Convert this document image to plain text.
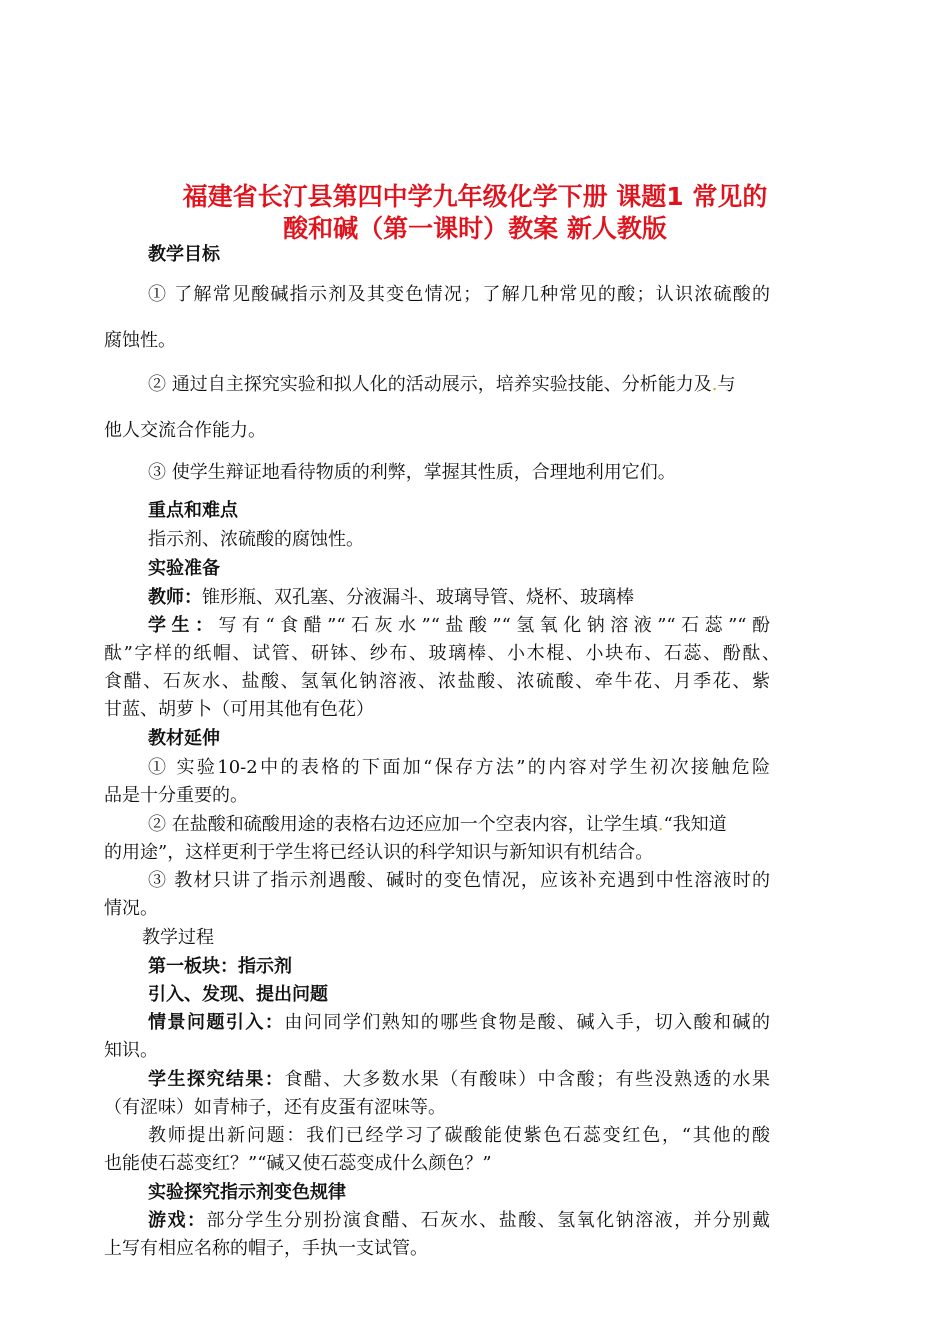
福建省长汀县第四中学九年级化学下册 课题1 常见的
酸和碱（第一课时）教案 新人教版
教学目标
① 了解常见酸碱指示剂及其变色情况；了解几种常见的酸；认识浓硫酸的
腐蚀性。
② 通过自主探究实验和拟人化的活动展示，培养实验技能、分析能力及.与
他人交流合作能力。
③ 使学生辩证地看待物质的利弊，掌握其性质，合理地利用它们。
重点和难点
指示剂、浓硫酸的腐蚀性。
实验准备
教师：锥形瓶、双孔塞、分液漏斗、玻璃导管、烧杯、玻璃棒
学生：写有“食醋”“石灰水”“盐酸”“氢氧化钠溶液”“石蕊”“酚
酞”字样的纸帽、试管、研钵、纱布、玻璃棒、小木棍、小块布、石蕊、酚酞、
食醋、石灰水、盐酸、氢氧化钠溶液、浓盐酸、浓硫酸、牵牛花、月季花、紫
甘蓝、胡萝卜（可用其他有色花）
教材延伸
① 实验10-2中的表格的下面加“保存方法”的内容对学生初次接触危险
品是十分重要的。
② 在盐酸和硫酸用途的表格右边还应加一个空表内容，让学生填.“我知道
的用途”，这样更利于学生将已经认识的科学知识与新知识有机结合。
③ 教材只讲了指示剂遇酸、碱时的变色情况，应该补充遇到中性溶液时的
情况。
教学过程
第一板块：指示剂
引入、发现、提出问题
情景问题引入：由问同学们熟知的哪些食物是酸、碱入手，切入酸和碱的
知识。
学生探究结果：食醋、大多数水果（有酸味）中含酸；有些没熟透的水果
（有涩味）如青柿子，还有皮蛋有涩味等。
教师提出新问题：我们已经学习了碳酸能使紫色石蕊变红色，“其他的酸
也能使石蕊变红？”“碱又使石蕊变成什么颜色？”
实验探究指示剂变色规律
游戏：部分学生分别扮演食醋、石灰水、盐酸、氢氧化钠溶液，并分别戴
上写有相应名称的帽子，手执一支试管。
